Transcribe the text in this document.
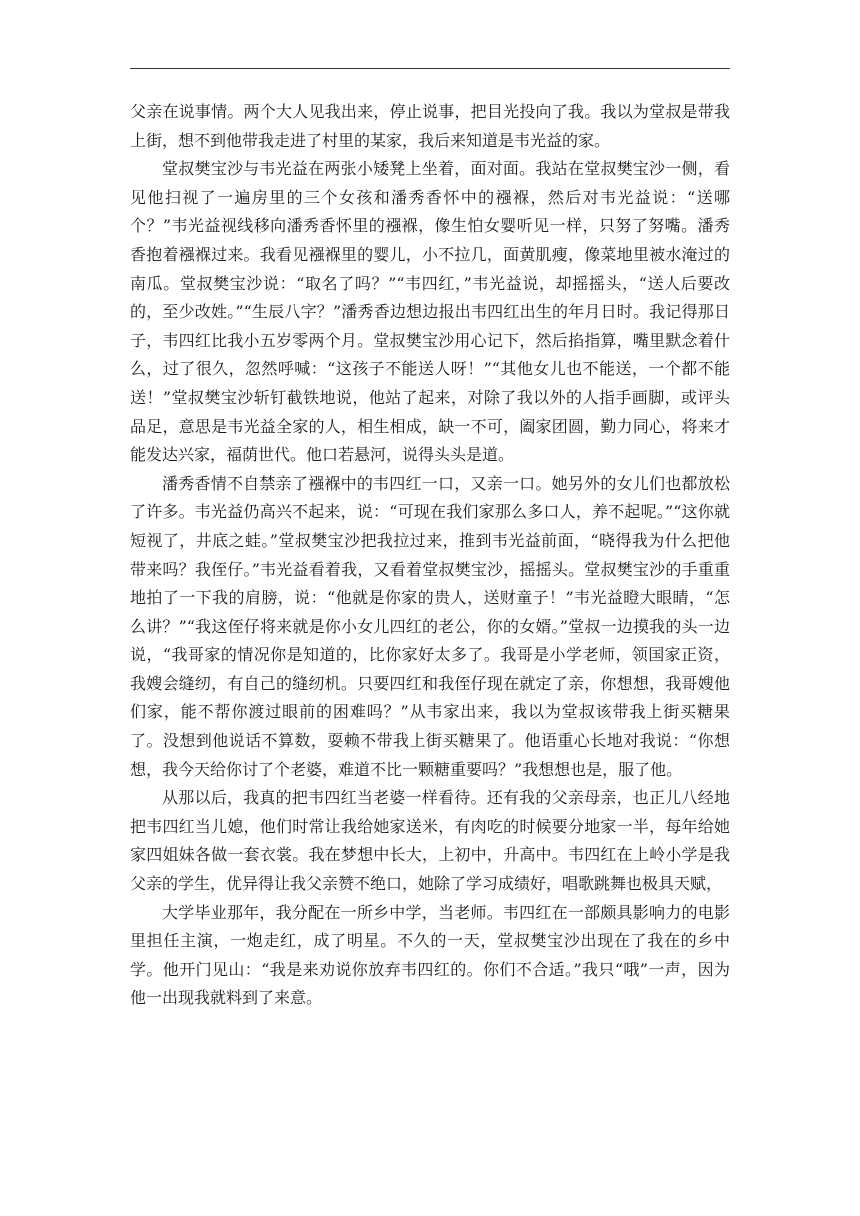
父亲在说事情。两个大人见我出来，停止说事，把目光投向了我。我以为堂叔是带我上街，想不到他带我走进了村里的某家，我后来知道是韦光益的家。

堂叔樊宝沙与韦光益在两张小矮凳上坐着，面对面。我站在堂叔樊宝沙一侧，看见他扫视了一遍房里的三个女孩和潘秀香怀中的襁褓，然后对韦光益说：“送哪个？”韦光益视线移向潘秀香怀里的襁褓，像生怕女婴听见一样，只努了努嘴。潘秀香抱着襁褓过来。我看见襁褓里的婴儿，小不拉几，面黄肌瘦，像菜地里被水淹过的南瓜。堂叔樊宝沙说：“取名了吗？”“韦四红，”韦光益说，却摇摇头，“送人后要改的，至少改姓。”“生辰八字？”潘秀香边想边报出韦四红出生的年月日时。我记得那日子，韦四红比我小五岁零两个月。堂叔樊宝沙用心记下，然后掐指算，嘴里默念着什么，过了很久，忽然呼喊：“这孩子不能送人呀！”“其他女儿也不能送，一个都不能送！”堂叔樊宝沙斩钉截铁地说，他站了起来，对除了我以外的人指手画脚，或评头品足，意思是韦光益全家的人，相生相成，缺一不可，阖家团圆，勤力同心，将来才能发达兴家，福荫世代。他口若悬河，说得头头是道。

潘秀香情不自禁亲了襁褓中的韦四红一口，又亲一口。她另外的女儿们也都放松了许多。韦光益仍高兴不起来，说：“可现在我们家那么多口人，养不起呢。”“这你就短视了，井底之蛙。”堂叔樊宝沙把我拉过来，推到韦光益前面，“晓得我为什么把他带来吗？我侄仔。”韦光益看着我，又看着堂叔樊宝沙，摇摇头。堂叔樊宝沙的手重重地拍了一下我的肩膀，说：“他就是你家的贵人，送财童子！”韦光益瞪大眼睛，“怎么讲？”“我这侄仔将来就是你小女儿四红的老公，你的女婿。”堂叔一边摸我的头一边说，“我哥家的情况你是知道的，比你家好太多了。我哥是小学老师，领国家正资，我嫂会缝纫，有自己的缝纫机。只要四红和我侄仔现在就定了亲，你想想，我哥嫂他们家，能不帮你渡过眼前的困难吗？”从韦家出来，我以为堂叔该带我上街买糖果了。没想到他说话不算数，耍赖不带我上街买糖果了。他语重心长地对我说：“你想想，我今天给你讨了个老婆，难道不比一颗糖重要吗？”我想想也是，服了他。

从那以后，我真的把韦四红当老婆一样看待。还有我的父亲母亲，也正儿八经地把韦四红当儿媳，他们时常让我给她家送米，有肉吃的时候要分地家一半，每年给她家四姐妹各做一套衣裳。我在梦想中长大，上初中，升高中。韦四红在上岭小学是我父亲的学生，优异得让我父亲赞不绝口，她除了学习成绩好，唱歌跳舞也极具天赋，

大学毕业那年，我分配在一所乡中学，当老师。韦四红在一部颇具影响力的电影里担任主演，一炮走红，成了明星。不久的一天，堂叔樊宝沙出现在了我在的乡中学。他开门见山：“我是来劝说你放弃韦四红的。你们不合适。”我只“哦”一声，因为他一出现我就料到了来意。
